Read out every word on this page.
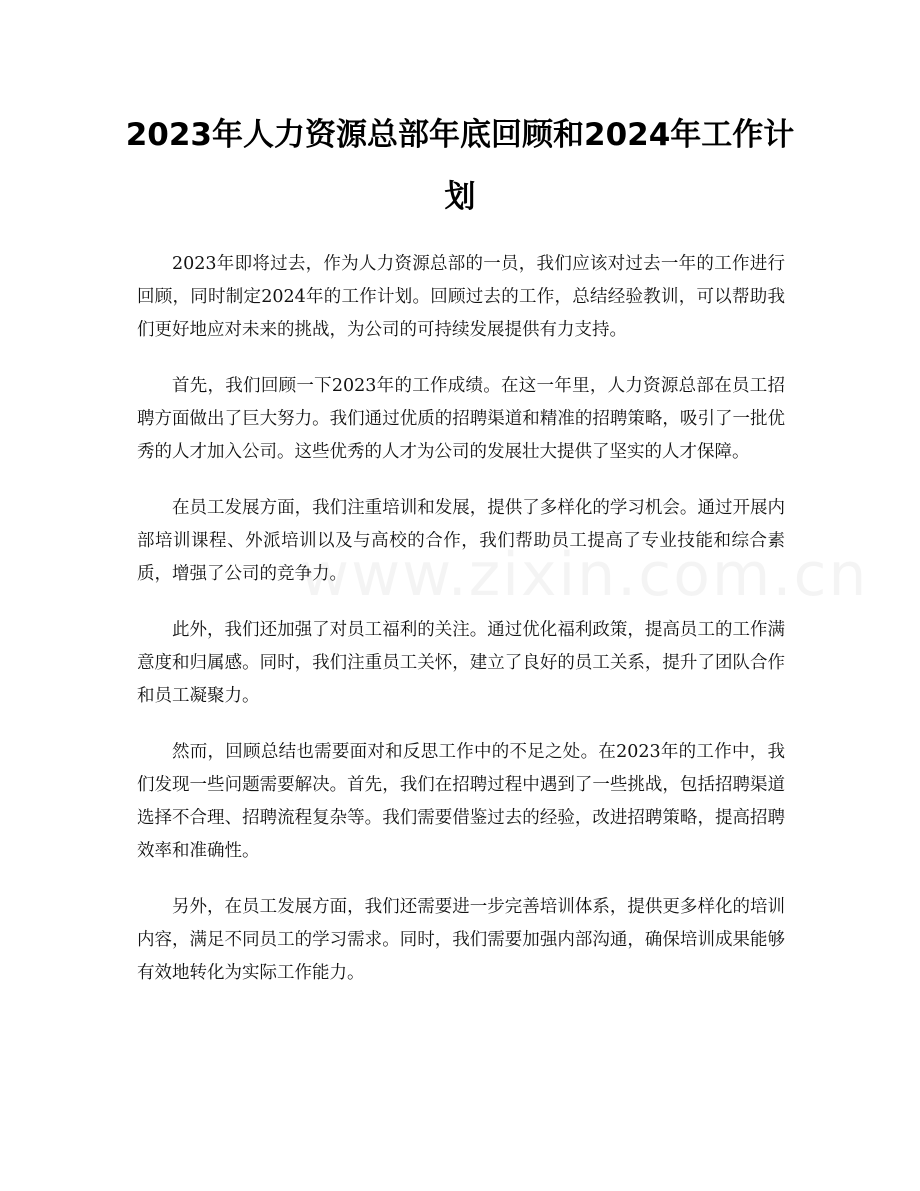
2023年人力资源总部年底回顾和2024年工作计划

2023年即将过去，作为人力资源总部的一员，我们应该对过去一年的工作进行回顾，同时制定2024年的工作计划。回顾过去的工作，总结经验教训，可以帮助我们更好地应对未来的挑战，为公司的可持续发展提供有力支持。

首先，我们回顾一下2023年的工作成绩。在这一年里，人力资源总部在员工招聘方面做出了巨大努力。我们通过优质的招聘渠道和精准的招聘策略，吸引了一批优秀的人才加入公司。这些优秀的人才为公司的发展壮大提供了坚实的人才保障。

在员工发展方面，我们注重培训和发展，提供了多样化的学习机会。通过开展内部培训课程、外派培训以及与高校的合作，我们帮助员工提高了专业技能和综合素质，增强了公司的竞争力。

此外，我们还加强了对员工福利的关注。通过优化福利政策，提高员工的工作满意度和归属感。同时，我们注重员工关怀，建立了良好的员工关系，提升了团队合作和员工凝聚力。

然而，回顾总结也需要面对和反思工作中的不足之处。在2023年的工作中，我们发现一些问题需要解决。首先，我们在招聘过程中遇到了一些挑战，包括招聘渠道选择不合理、招聘流程复杂等。我们需要借鉴过去的经验，改进招聘策略，提高招聘效率和准确性。

另外，在员工发展方面，我们还需要进一步完善培训体系，提供更多样化的培训内容，满足不同员工的学习需求。同时，我们需要加强内部沟通，确保培训成果能够有效地转化为实际工作能力。
